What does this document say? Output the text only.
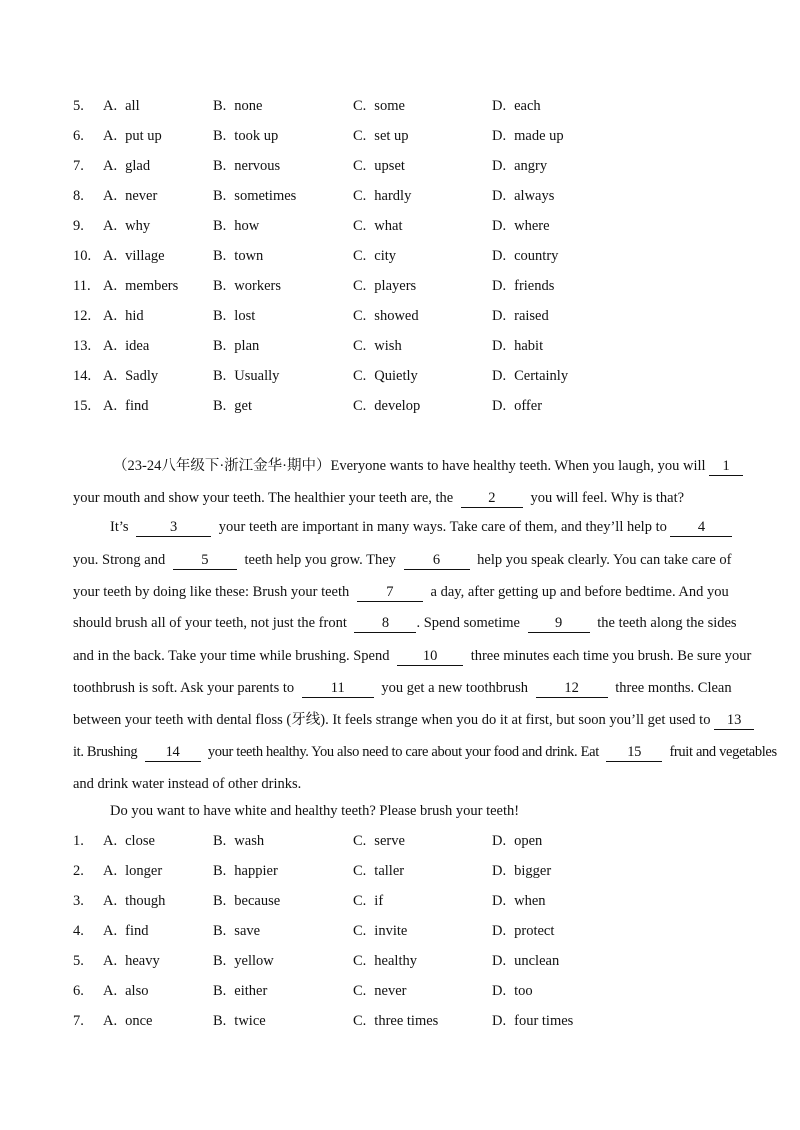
5. A. all	B. none	C. some	D. each
6. A. put up	B. took up	C. set up	D. made up
7. A. glad	B. nervous	C. upset	D. angry
8. A. never	B. sometimes	C. hardly	D. always
9. A. why	B. how	C. what	D. where
10. A. village	B. town	C. city	D. country
11. A. members B. workers	C. players	D. friends
12. A. hid	B. lost	C. showed	D. raised
13. A. idea	B. plan	C. wish	D. habit
14. A. Sadly	B. Usually	C. Quietly	D. Certainly
15. A. find	B. get	C. develop	D. offer
（23-24八年级下·浙江金华·期中）Everyone wants to have healthy teeth. When you laugh, you will 1
your mouth and show your teeth. The healthier your teeth are, the 2 you will feel. Why is that?
It’s	3	your teeth are important in many ways. Take care of them, and they’ll help to 4
you. Strong and 5 teeth help you grow. They	6	help you speak clearly. You can take care of
your teeth by doing like these: Brush your teeth	7	a day, after getting up and before bedtime. And you
should brush all of your teeth, not just the front 8 . Spend sometime 9 the teeth along the sides
and in the back. Take your time while brushing. Spend 10 three minutes each time you brush. Be sure your
toothbrush is soft. Ask your parents to	11	you get a new toothbrush	12	three months. Clean
between your teeth with dental floss (牙线). It feels strange when you do it at first, but soon you’ll get used to 13
it. Brushing 14 your teeth healthy. You also need to care about your food and drink. Eat 15 fruit and vegetables
and drink water instead of other drinks.
Do you want to have white and healthy teeth? Please brush your teeth!
1. A. close	B. wash	C. serve	D. open
2. A. longer	B. happier	C. taller	D. bigger
3. A. though	B. because	C. if	D. when
4. A. find	B. save	C. invite	D. protect
5. A. heavy	B. yellow	C. healthy	D. unclean
6. A. also	B. either	C. never	D. too
7. A. once	B. twice	C. three times	D. four times
